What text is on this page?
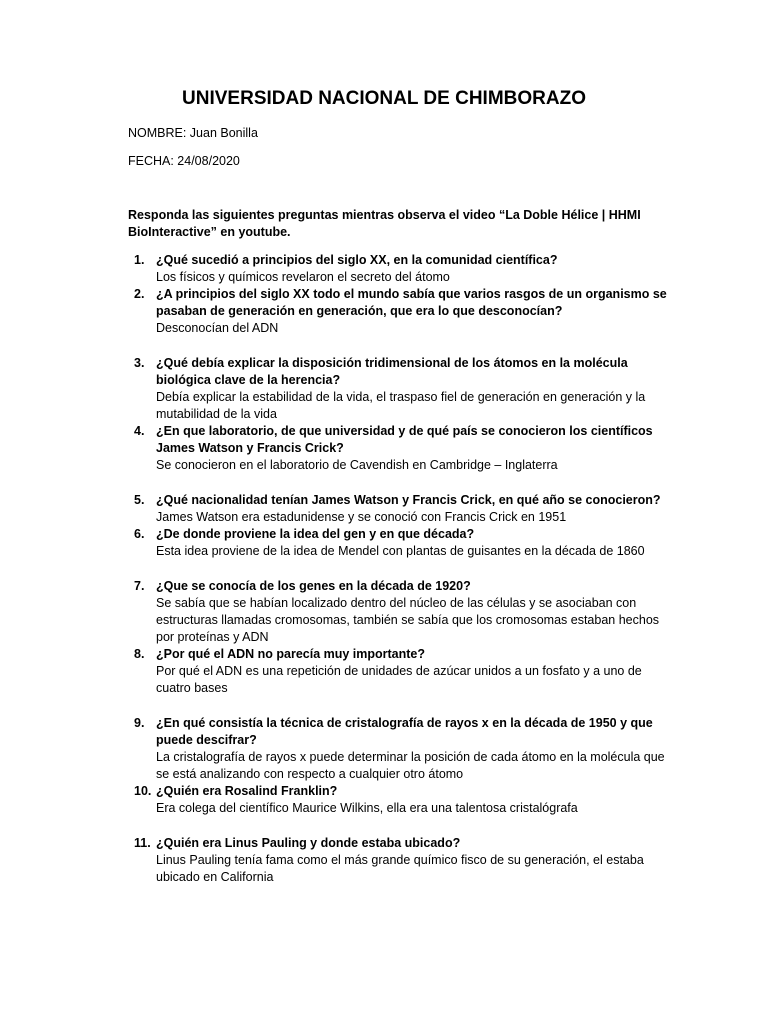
UNIVERSIDAD NACIONAL DE CHIMBORAZO
NOMBRE: Juan Bonilla
FECHA: 24/08/2020
Responda las siguientes preguntas mientras observa el video “La Doble Hélice | HHMI BioInteractive” en youtube.
1. ¿Qué sucedió a principios del siglo XX, en la comunidad científica?
Los físicos y químicos revelaron el secreto del átomo
2. ¿A principios del siglo XX todo el mundo sabía que varios rasgos de un organismo se pasaban de generación en generación, que era lo que desconocían?
Desconocían del ADN
3. ¿Qué debía explicar la disposición tridimensional de los átomos en la molécula biológica clave de la herencia?
Debía explicar la estabilidad de la vida, el traspaso fiel de generación en generación y la mutabilidad de la vida
4. ¿En que laboratorio, de que universidad y de qué país se conocieron los científicos James Watson y Francis Crick?
Se conocieron en el laboratorio de Cavendish en Cambridge – Inglaterra
5. ¿Qué nacionalidad tenían James Watson y Francis Crick, en qué año se conocieron?
James Watson era estadunidense y se conoció con Francis Crick en 1951
6. ¿De donde proviene la idea del gen y en que década?
Esta idea proviene de la idea de Mendel con plantas de guisantes en la década de 1860
7. ¿Que se conocía de los genes en la década de 1920?
Se sabía que se habían localizado dentro del núcleo de las células y se asociaban con estructuras llamadas cromosomas, también se sabía que los cromosomas estaban hechos por proteínas y ADN
8. ¿Por qué el ADN no parecía muy importante?
Por qué el ADN es una repetición de unidades de azúcar unidos a un fosfato y a uno de cuatro bases
9. ¿En qué consistía la técnica de cristalografía de rayos x en la década de 1950 y que puede descifrar?
La cristalografía de rayos x puede determinar la posición de cada átomo en la molécula que se está analizando con respecto a cualquier otro átomo
10. ¿Quién era Rosalind Franklin?
Era colega del científico Maurice Wilkins, ella era una talentosa cristalógrafa
11. ¿Quién era Linus Pauling y donde estaba ubicado?
Linus Pauling tenía fama como el más grande químico fisco de su generación, el estaba ubicado en California
